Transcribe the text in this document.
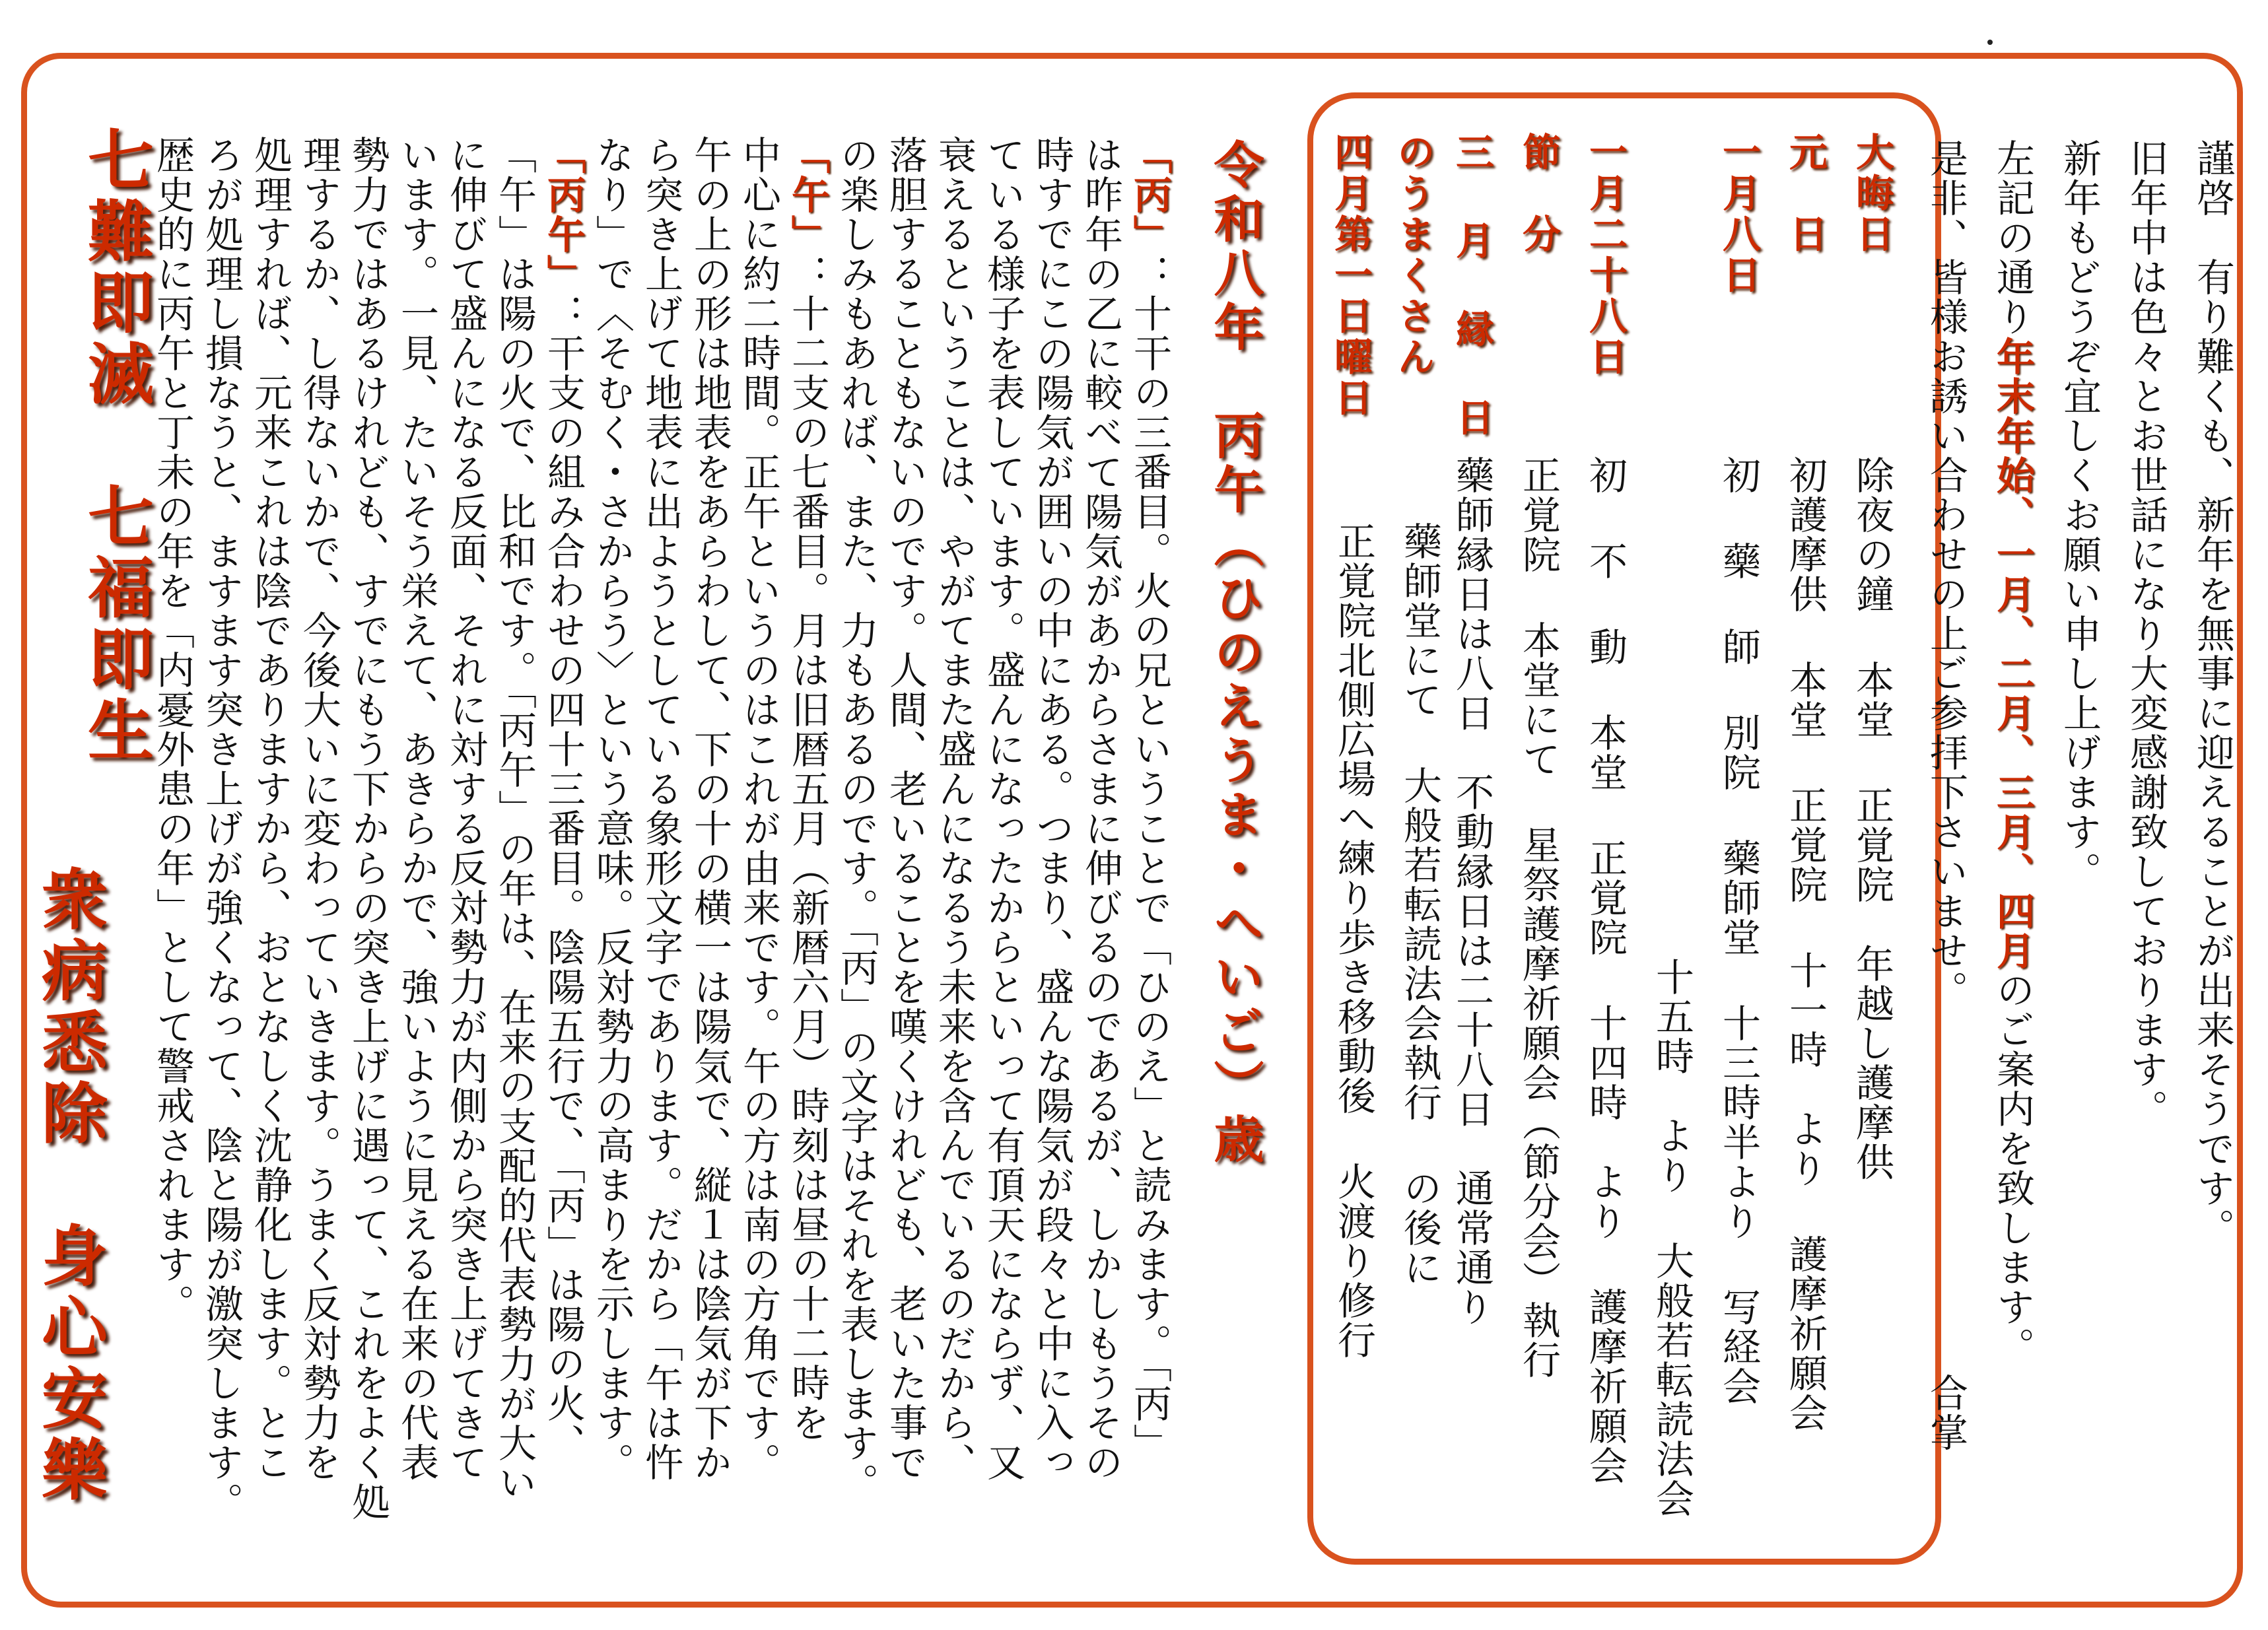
謹啓　有り難くも、新年を無事に迎えることが出来そうです。
旧年中は色々とお世話になり大変感謝致しております。
新年もどうぞ宜しくお願い申し上げます。
左記の通り年末年始、一月、二月、三月、四月のご案内を致します。
是非、皆様お誘い合わせの上ご参拝下さいませ。
合掌
大晦日
除夜の鐘 本堂 正覚院　年越し護摩供
元　日
初護摩供 本堂 正覚院 十一時　より 護摩祈願会
一月八日
初 藥 師 別院 藥師堂 十三時半より 写経会
十五時　より 大般若転読法会
一月二十八日
初 不 動 本堂 正覚院 十四時　より 護摩祈願会
節　分
正覚院 本堂にて 星祭護摩祈願会（節分会）執行
三 月 縁 日
藥師縁日は八日　不動縁日は二十八日　通常通り
のうまくさん
藥師堂にて 大般若転読法会執行 の後に
四月第一日曜日
正覚院北側広場へ練り歩き移動後 火渡り修行
令和八年　丙午（ひのえうま・へいご）歳
「丙」：十干の三番目。火の兄ということで「ひのえ」と読みます。「丙」
は昨年の乙に較べて陽気があからさまに伸びるのであるが、しかしもうその
時すでにこの陽気が囲いの中にある。つまり、盛んな陽気が段々と中に入っ
ている様子を表しています。盛んになったからといって有頂天にならず、又
衰えるということは、やがてまた盛んになるう未来を含んでいるのだから、
落胆することもないのです。人間、老いることを嘆くけれども、老いた事で
の楽しみもあれば、また、力もあるのです。「丙」の文字はそれを表します。
「午」：十二支の七番目。月は旧暦五月（新暦六月）時刻は昼の十二時を
中心に約二時間。正午というのはこれが由来です。午の方は南の方角です。
午の上の形は地表をあらわして、下の十の横一は陽気で、縦１は陰気が下か
ら突き上げて地表に出ようとしている象形文字であります。だから「午は忤
なり」で〈そむく・さからう〉という意味。反対勢力の高まりを示します。
「丙午」：干支の組み合わせの四十三番目。陰陽五行で、「丙」は陽の火、
「午」は陽の火で、比和です。「丙午」の年は、在来の支配的代表勢力が大い
に伸びて盛んになる反面、それに対する反対勢力が内側から突き上げてきて
います。一見、たいそう栄えて、あきらかで、強いように見える在来の代表
勢力ではあるけれども、すでにもう下からの突き上げに遇って、これをよく処
理するか、し得ないかで、今後大いに変わっていきます。うまく反対勢力を
処理すれば、元来これは陰でありますから、おとなしく沈静化します。とこ
ろが処理し損なうと、ますます突き上げが強くなって、陰と陽が激突します。
歴史的に丙午と丁未の年を「内憂外患の年」として警戒されます。
七難即滅　七福即生
衆病悉除　身心安樂
